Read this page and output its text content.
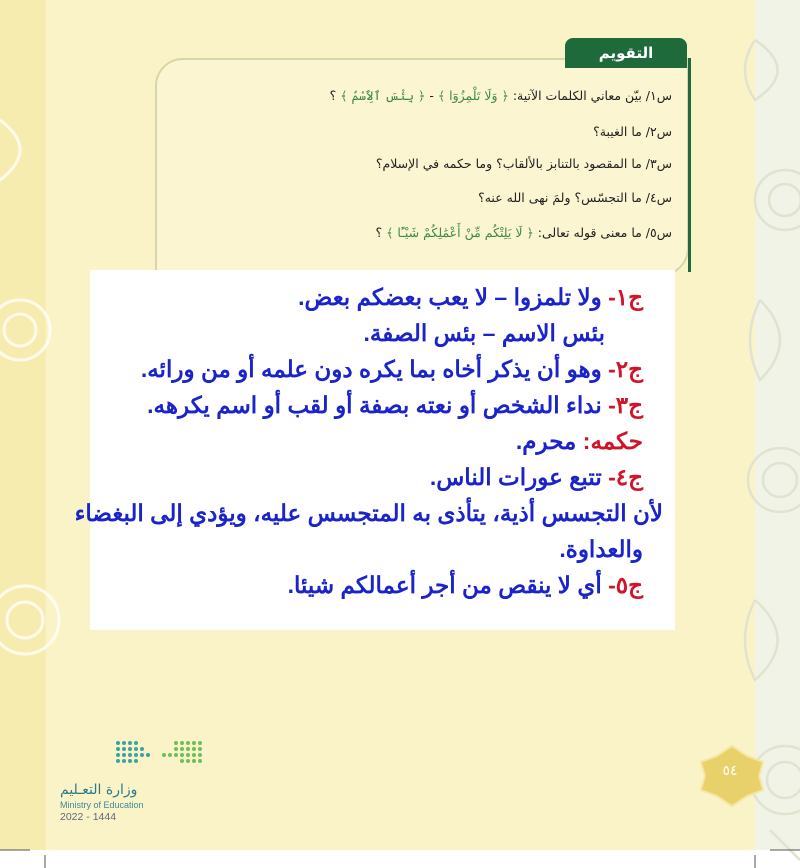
التقويم
س١/ بيّن معاني الكلمات الآتية: ﴿ وَلَا تَلْمِزُوٓا ﴾ - ﴿ بِئْسَ ٱلِٱسْمُ ﴾ ؟
س٢/ ما الغيبة؟
س٣/ ما المقصود بالتنابز بالألقاب؟ وما حكمه في الإسلام؟
س٤/ ما التجسّس؟ ولمَ نهى الله عنه؟
س٥/ ما معنى قوله تعالى: ﴿ لَا يَلِتْكُم مِّنْ أَعْمَٰلِكُمْ شَيْـًٔا ﴾ ؟
ج١- ولا تلمزوا – لا يعب بعضكم بعض.
بئس الاسم – بئس الصفة.
ج٢- وهو أن يذكر أخاه بما يكره دون علمه أو من ورائه.
ج٣- نداء الشخص أو نعته بصفة أو لقب أو اسم يكرهه.
حكمه: محرم.
ج٤- تتبع عورات الناس.
لأن التجسس أذية، يتأذى به المتجسس عليه، ويؤدي إلى البغضاء
والعداوة.
ج٥- أي لا ينقص من أجر أعمالكم شيئا.
وزارة التعـليم
Ministry of Education
2022 - 1444
٥٤
